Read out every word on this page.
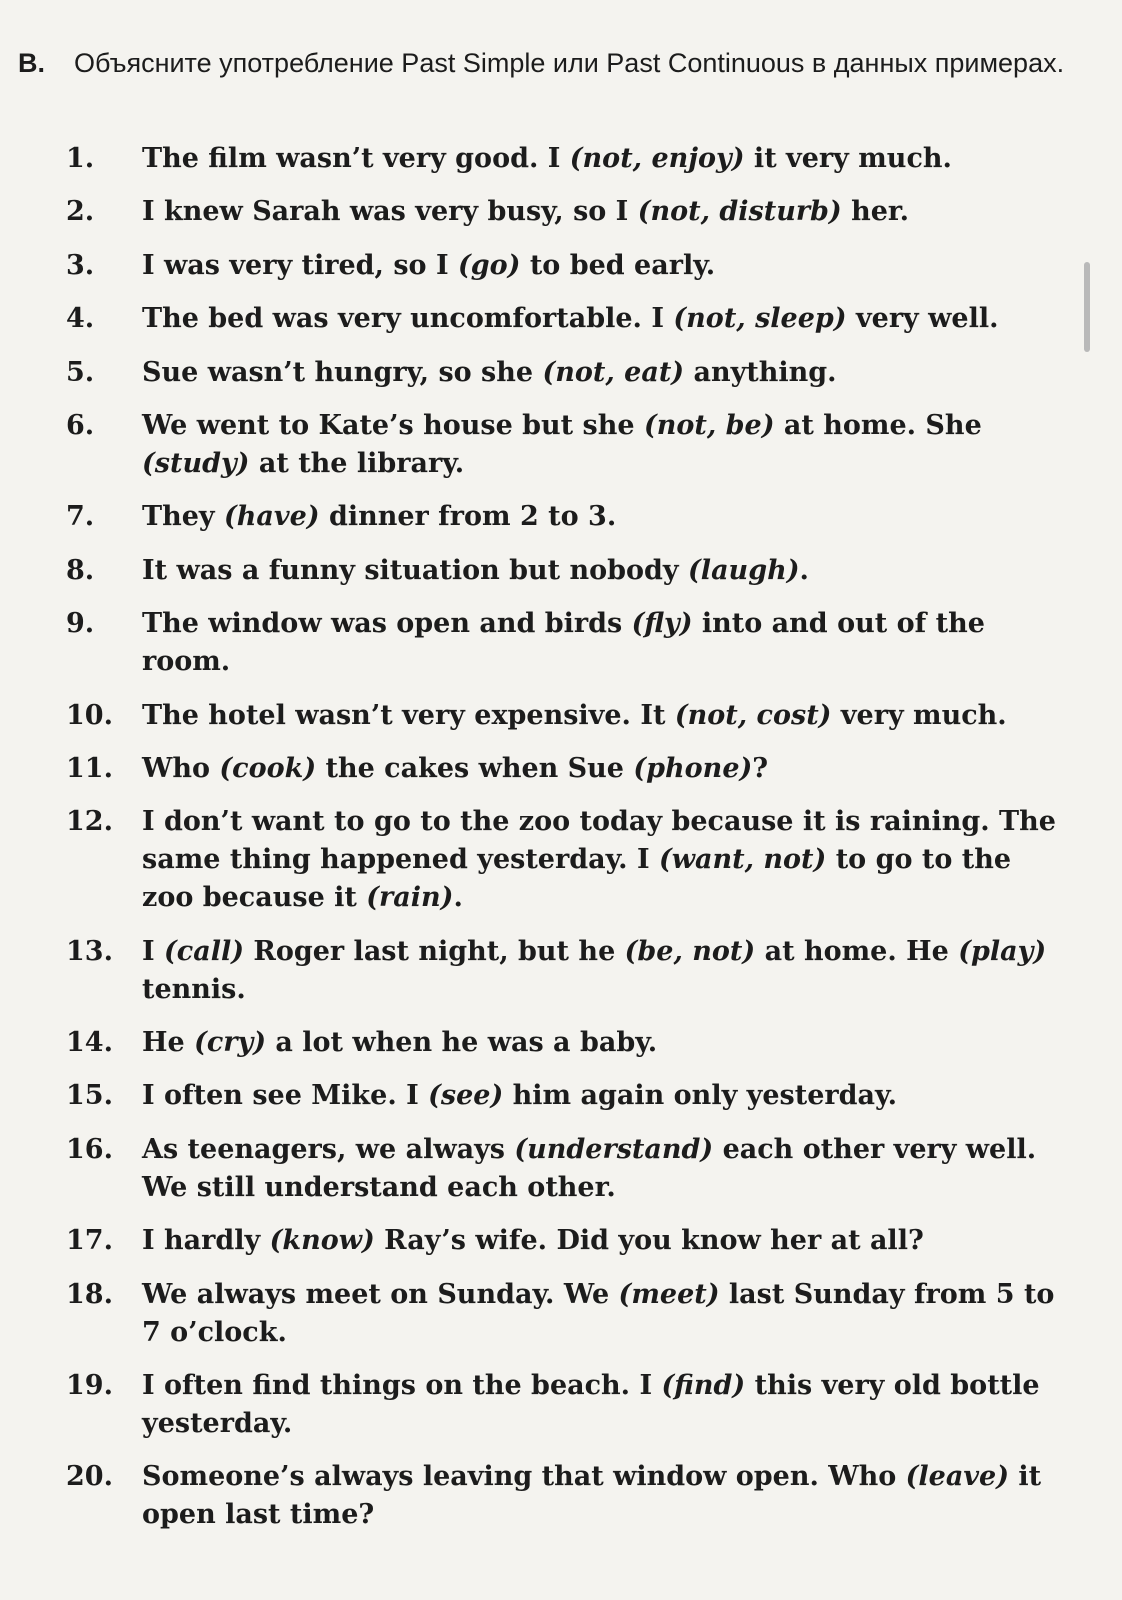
B. Объясните употребление Past Simple или Past Continuous в данных примерах.
1.	The film wasn’t very good. I (not, enjoy) it very much.
2.	I knew Sarah was very busy, so I (not, disturb) her.
3.	I was very tired, so I (go) to bed early.
4.	The bed was very uncomfortable. I (not, sleep) very well.
5.	Sue wasn’t hungry, so she (not, eat) anything.
6.	We went to Kate’s house but she (not, be) at home. She (study) at the library.
7.	They (have) dinner from 2 to 3.
8.	It was a funny situation but nobody (laugh).
9.	The window was open and birds (fly) into and out of the room.
10.	The hotel wasn’t very expensive. It (not, cost) very much.
11.	Who (cook) the cakes when Sue (phone)?
12.	I don’t want to go to the zoo today because it is raining. The same thing happened yesterday. I (want, not) to go to the zoo because it (rain).
13.	I (call) Roger last night, but he (be, not) at home. He (play) tennis.
14.	He (cry) a lot when he was a baby.
15.	I often see Mike. I (see) him again only yesterday.
16.	As teenagers, we always (understand) each other very well. We still understand each other.
17.	I hardly (know) Ray’s wife. Did you know her at all?
18.	We always meet on Sunday. We (meet) last Sunday from 5 to 7 o’clock.
19.	I often find things on the beach. I (find) this very old bottle yesterday.
20.	Someone’s always leaving that window open. Who (leave) it open last time?
